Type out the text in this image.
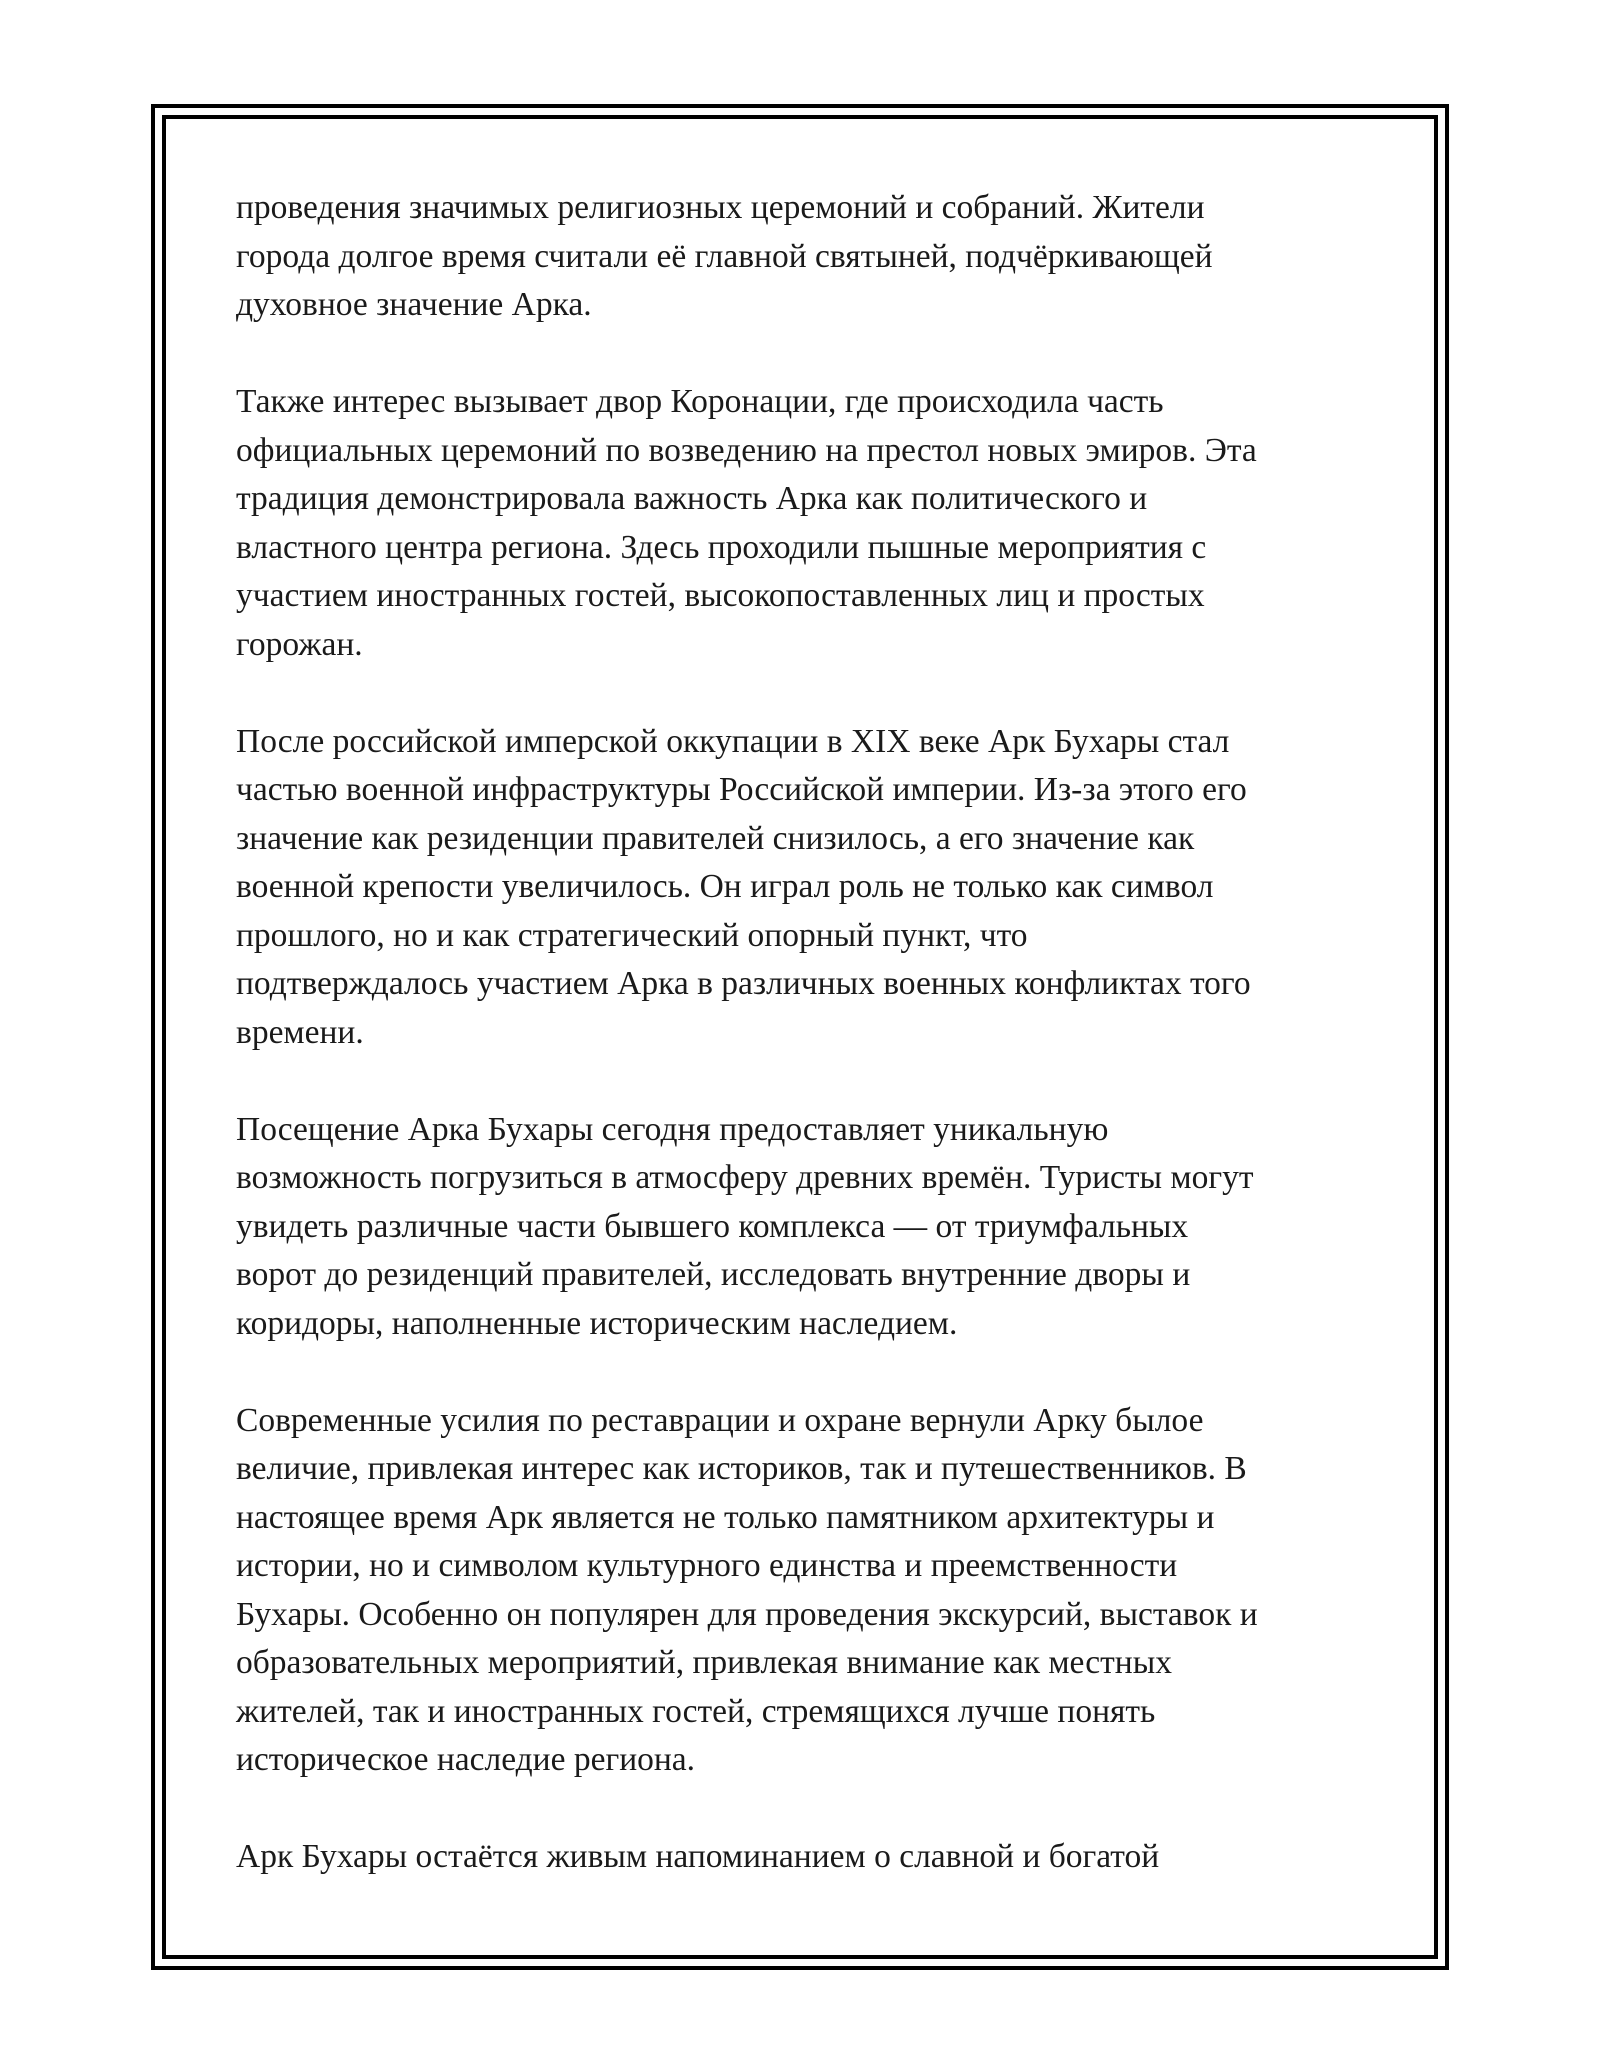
проведения значимых религиозных церемоний и собраний. Жители
города долгое время считали её главной святыней, подчёркивающей
духовное значение Арка.

Также интерес вызывает двор Коронации, где происходила часть
официальных церемоний по возведению на престол новых эмиров. Эта
традиция демонстрировала важность Арка как политического и
властного центра региона. Здесь проходили пышные мероприятия с
участием иностранных гостей, высокопоставленных лиц и простых
горожан.

После российской имперской оккупации в XIX веке Арк Бухары стал
частью военной инфраструктуры Российской империи. Из-за этого его
значение как резиденции правителей снизилось, а его значение как
военной крепости увеличилось. Он играл роль не только как символ
прошлого, но и как стратегический опорный пункт, что
подтверждалось участием Арка в различных военных конфликтах того
времени.

Посещение Арка Бухары сегодня предоставляет уникальную
возможность погрузиться в атмосферу древних времён. Туристы могут
увидеть различные части бывшего комплекса — от триумфальных
ворот до резиденций правителей, исследовать внутренние дворы и
коридоры, наполненные историческим наследием.

Современные усилия по реставрации и охране вернули Арку былое
величие, привлекая интерес как историков, так и путешественников. В
настоящее время Арк является не только памятником архитектуры и
истории, но и символом культурного единства и преемственности
Бухары. Особенно он популярен для проведения экскурсий, выставок и
образовательных мероприятий, привлекая внимание как местных
жителей, так и иностранных гостей, стремящихся лучше понять
историческое наследие региона.

Арк Бухары остаётся живым напоминанием о славной и богатой
